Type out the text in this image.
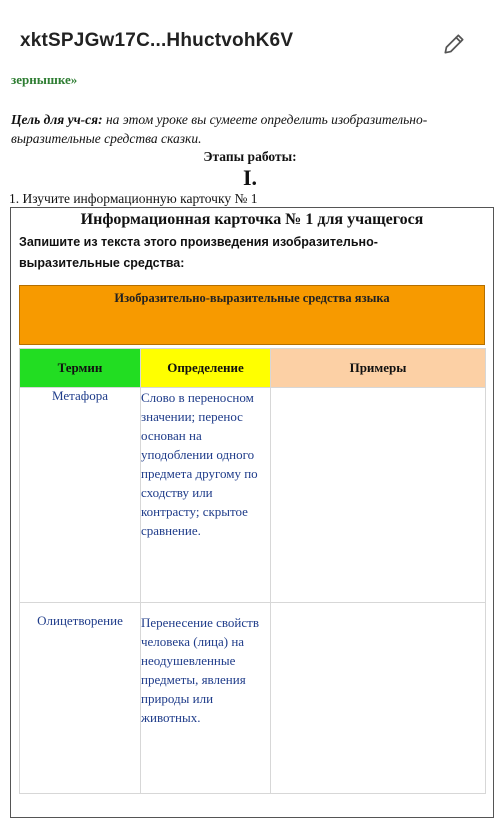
xktSPJGw17C...HhuctvohK6V
зернышке»
Цель для уч-ся: на этом уроке вы сумеете определить изобразительно-выразительные средства сказки.
Этапы работы:
I.
1. Изучите информационную карточку № 1
Информационная карточка № 1 для учащегося
Запишите из текста этого произведения изобразительно-выразительные средства:
Изобразительно-выразительные средства языка
Термин	Определение	Примеры
Метафора	Слово в переносном значении; перенос основан на уподоблении одного предмета другому по сходству или контрасту; скрытое сравнение.	
Олицетворение	Перенесение свойств человека (лица) на неодушевленные предметы, явления природы или животных.	
